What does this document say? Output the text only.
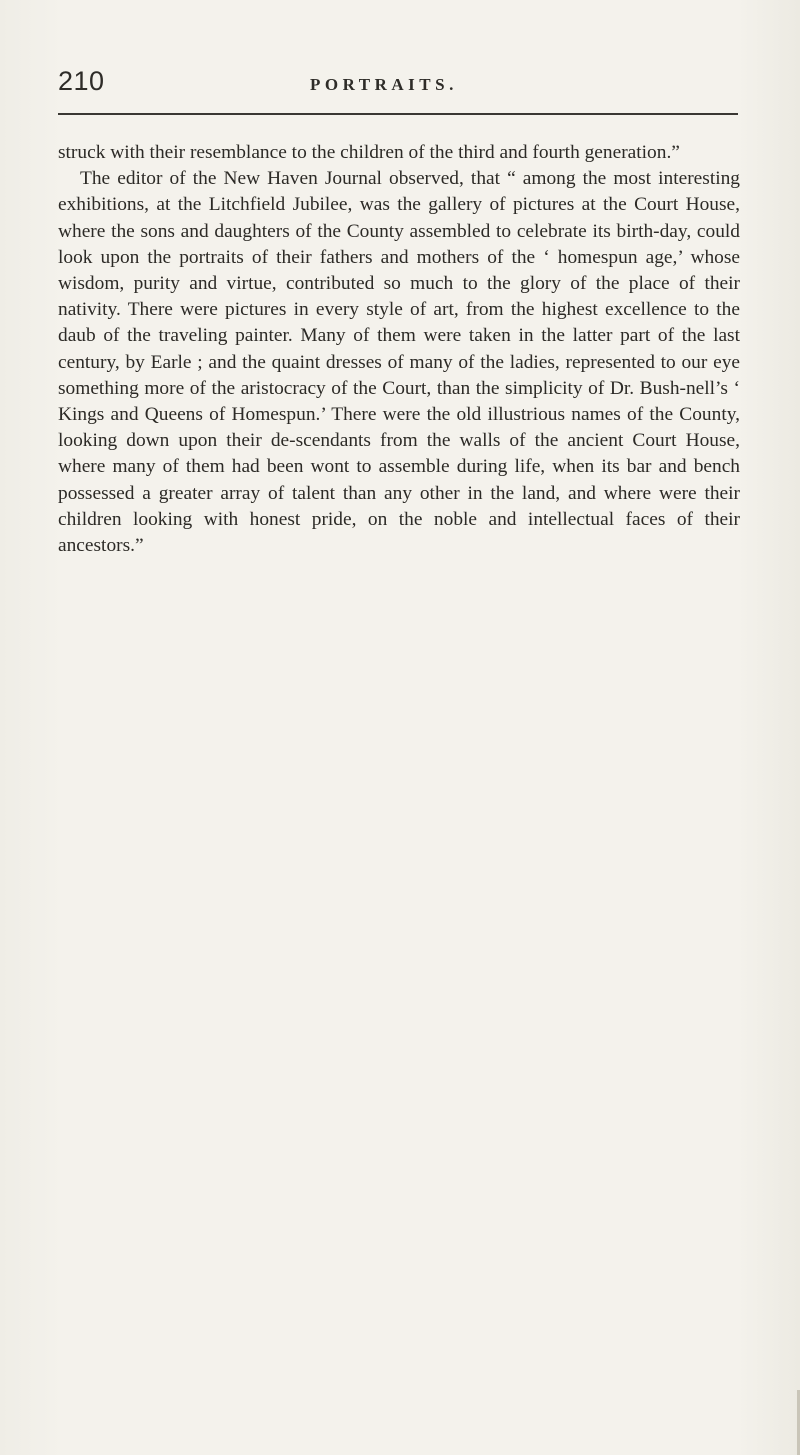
210	PORTRAITS.

struck with their resemblance to the children of the third and fourth generation.”

The editor of the New Haven Journal observed, that “ among the most interesting exhibitions, at the Litchfield Jubilee, was the gallery of pictures at the Court House, where the sons and daughters of the County assembled to celebrate its birth-day, could look upon the portraits of their fathers and mothers of the ‘ homespun age,’ whose wisdom, purity and virtue, contributed so much to the glory of the place of their nativity. There were pictures in every style of art, from the highest excellence to the daub of the traveling painter. Many of them were taken in the latter part of the last century, by Earle ; and the quaint dresses of many of the ladies, represented to our eye something more of the aristocracy of the Court, than the simplicity of Dr. Bush-nell’s ‘ Kings and Queens of Homespun.’ There were the old illustrious names of the County, looking down upon their de-scendants from the walls of the ancient Court House, where many of them had been wont to assemble during life, when its bar and bench possessed a greater array of talent than any other in the land, and where were their children looking with honest pride, on the noble and intellectual faces of their ancestors.”
